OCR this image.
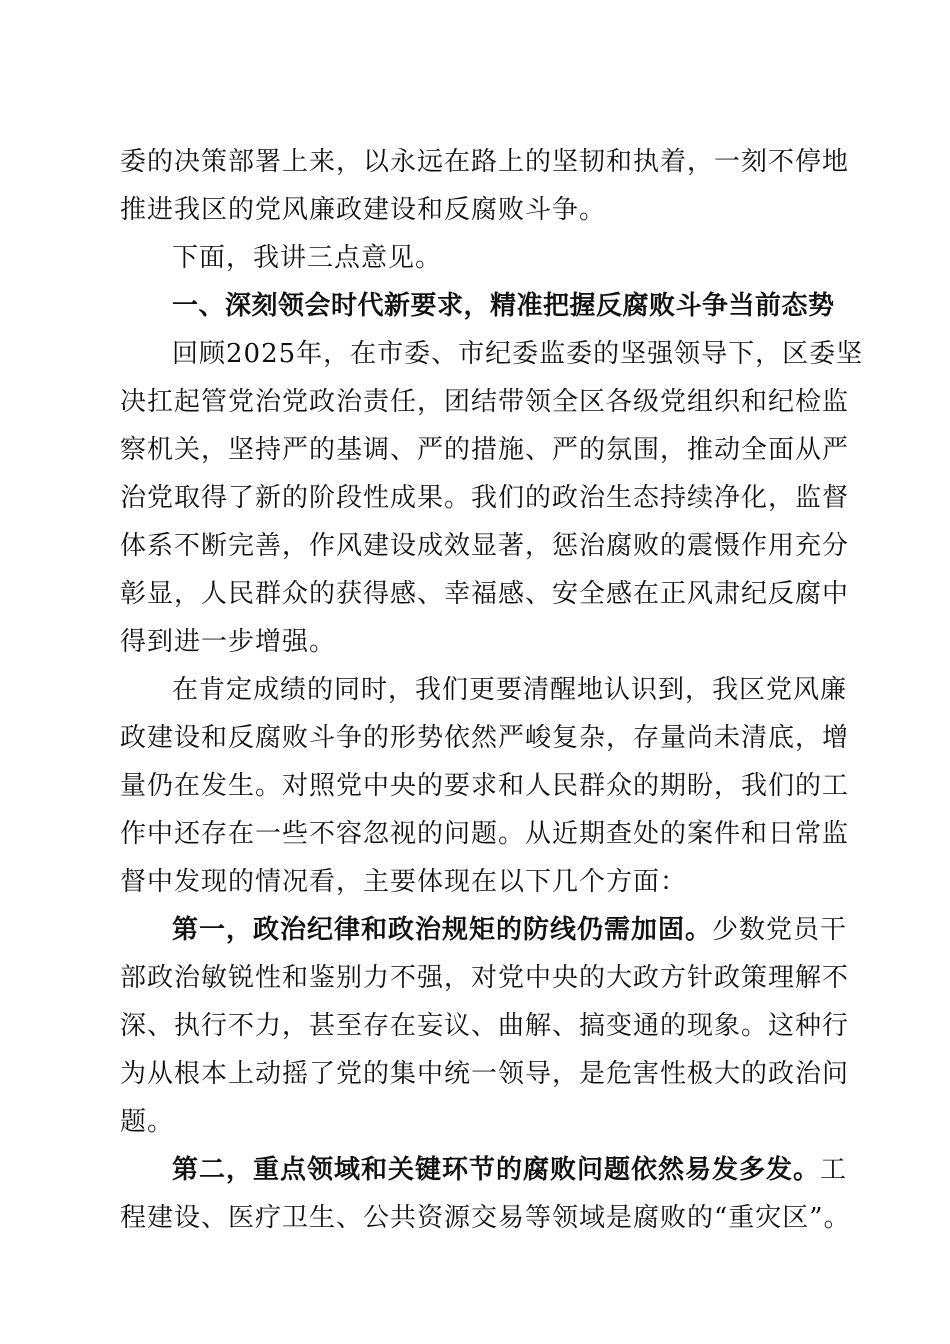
委的决策部署上来，以永远在路上的坚韧和执着，一刻不停地
推进我区的党风廉政建设和反腐败斗争。
下面，我讲三点意见。
一、深刻领会时代新要求，精准把握反腐败斗争当前态势
回顾2025年，在市委、市纪委监委的坚强领导下，区委坚
决扛起管党治党政治责任，团结带领全区各级党组织和纪检监
察机关，坚持严的基调、严的措施、严的氛围，推动全面从严
治党取得了新的阶段性成果。我们的政治生态持续净化，监督
体系不断完善，作风建设成效显著，惩治腐败的震慑作用充分
彰显，人民群众的获得感、幸福感、安全感在正风肃纪反腐中
得到进一步增强。
在肯定成绩的同时，我们更要清醒地认识到，我区党风廉
政建设和反腐败斗争的形势依然严峻复杂，存量尚未清底，增
量仍在发生。对照党中央的要求和人民群众的期盼，我们的工
作中还存在一些不容忽视的问题。从近期查处的案件和日常监
督中发现的情况看，主要体现在以下几个方面：
第一，政治纪律和政治规矩的防线仍需加固。少数党员干
部政治敏锐性和鉴别力不强，对党中央的大政方针政策理解不
深、执行不力，甚至存在妄议、曲解、搞变通的现象。这种行
为从根本上动摇了党的集中统一领导，是危害性极大的政治问
题。
第二，重点领域和关键环节的腐败问题依然易发多发。工
程建设、医疗卫生、公共资源交易等领域是腐败的“重灾区”。
